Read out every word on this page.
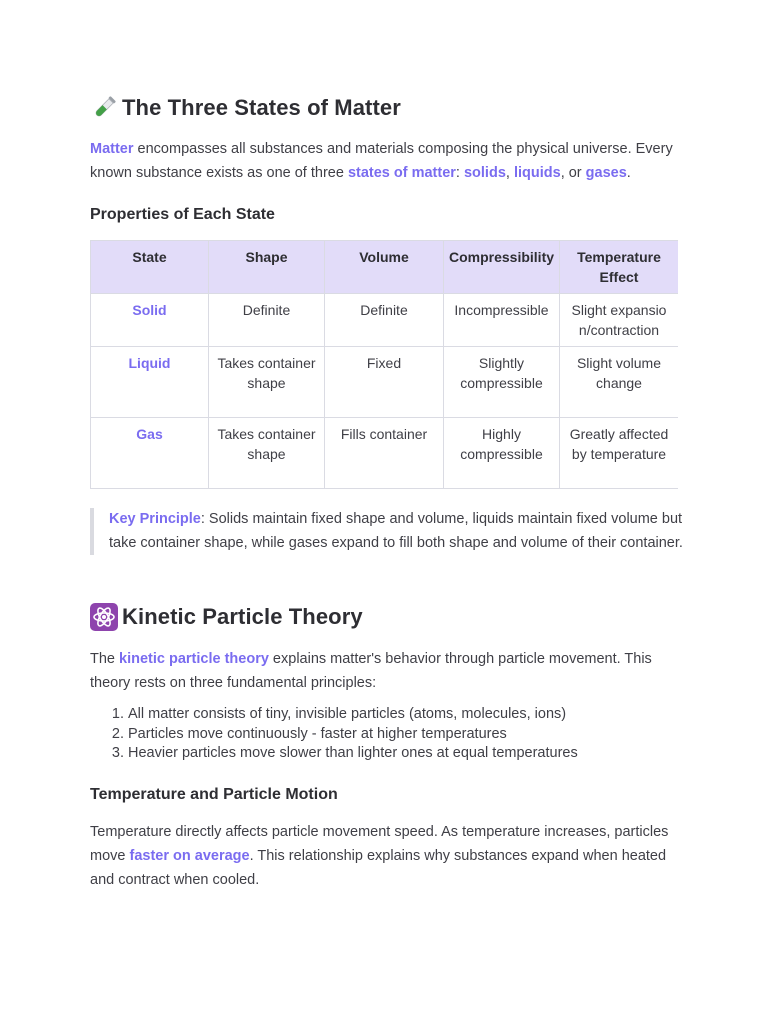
The Three States of Matter

Matter encompasses all substances and materials composing the physical universe. Every known substance exists as one of three states of matter: solids, liquids, or gases.

Properties of Each State
State	Shape	Volume	Compressibility	Temperature Effect
Solid	Definite	Definite	Incompressible	Slight expansion/contraction
Liquid	Takes container shape	Fixed	Slightly compressible	Slight volume change
Gas	Takes container shape	Fills container	Highly compressible	Greatly affected by temperature

Key Principle: Solids maintain fixed shape and volume, liquids maintain fixed volume but take container shape, while gases expand to fill both shape and volume of their container.

Kinetic Particle Theory

The kinetic particle theory explains matter's behavior through particle movement. This theory rests on three fundamental principles:

1. All matter consists of tiny, invisible particles (atoms, molecules, ions)
2. Particles move continuously - faster at higher temperatures
3. Heavier particles move slower than lighter ones at equal temperatures
Temperature and Particle Motion

Temperature directly affects particle movement speed. As temperature increases, particles move faster on average. This relationship explains why substances expand when heated and contract when cooled.
